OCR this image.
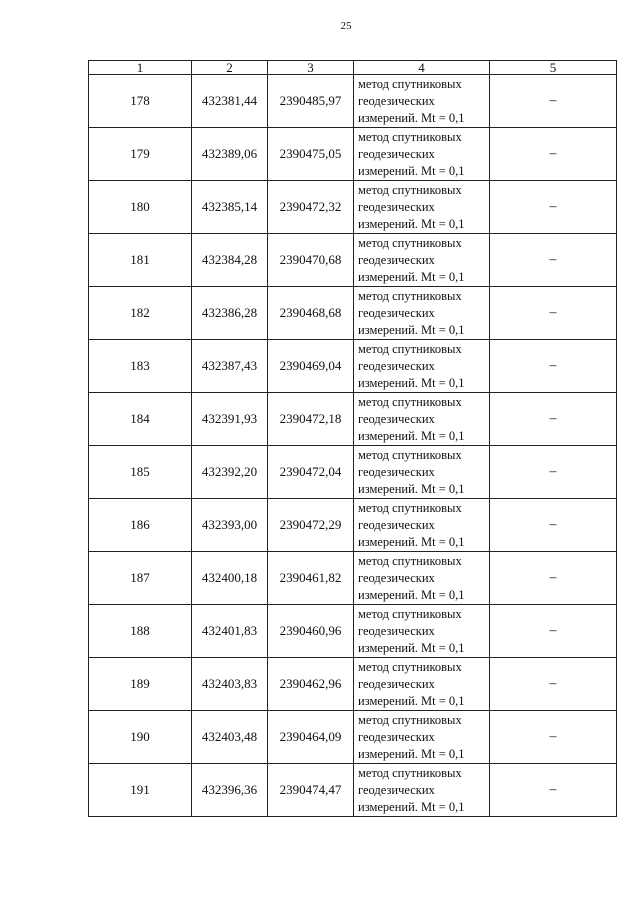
25
1	2	3	4	5
178	432381,44	2390485,97	метод спутниковых
геодезических
измерений. Mt = 0,1	–
179	432389,06	2390475,05	метод спутниковых
геодезических
измерений. Mt = 0,1	–
180	432385,14	2390472,32	метод спутниковых
геодезических
измерений. Mt = 0,1	–
181	432384,28	2390470,68	метод спутниковых
геодезических
измерений. Mt = 0,1	–
182	432386,28	2390468,68	метод спутниковых
геодезических
измерений. Mt = 0,1	–
183	432387,43	2390469,04	метод спутниковых
геодезических
измерений. Mt = 0,1	–
184	432391,93	2390472,18	метод спутниковых
геодезических
измерений. Mt = 0,1	–
185	432392,20	2390472,04	метод спутниковых
геодезических
измерений. Mt = 0,1	–
186	432393,00	2390472,29	метод спутниковых
геодезических
измерений. Mt = 0,1	–
187	432400,18	2390461,82	метод спутниковых
геодезических
измерений. Mt = 0,1	–
188	432401,83	2390460,96	метод спутниковых
геодезических
измерений. Mt = 0,1	–
189	432403,83	2390462,96	метод спутниковых
геодезических
измерений. Mt = 0,1	–
190	432403,48	2390464,09	метод спутниковых
геодезических
измерений. Mt = 0,1	–
191	432396,36	2390474,47	метод спутниковых
геодезических
измерений. Mt = 0,1	–
